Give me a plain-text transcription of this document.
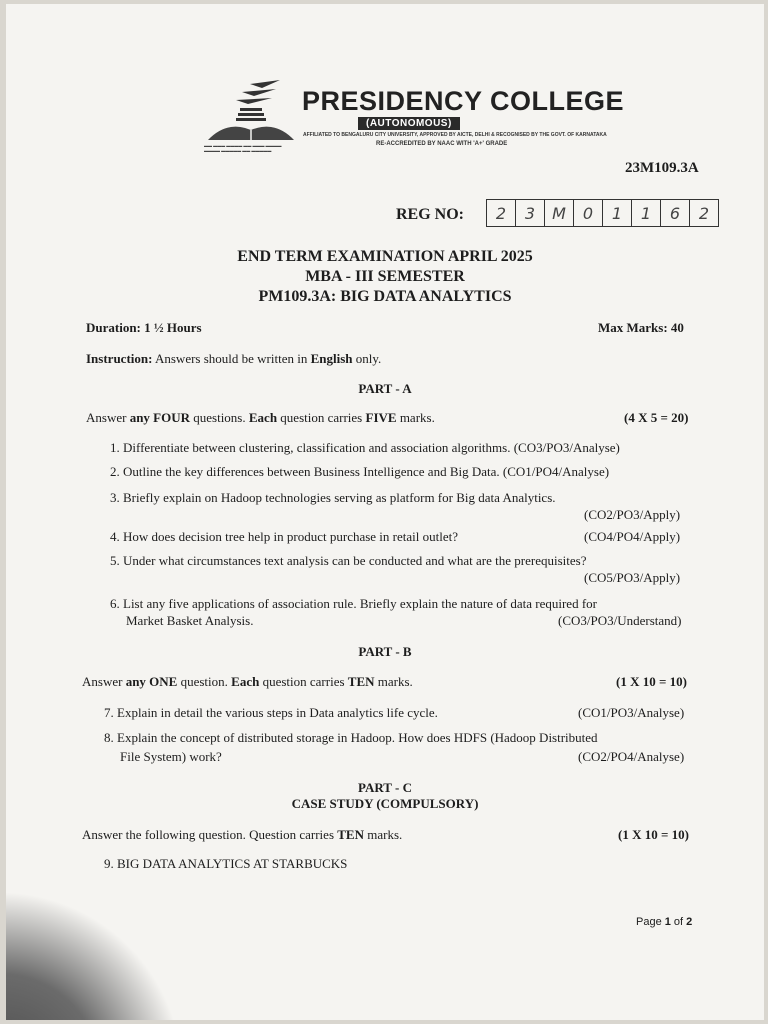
▬▬ ▬▬▬ ▬▬▬▬ ▬▬ ▬▬▬ ▬▬▬▬
▬▬▬▬ ▬▬▬▬▬ ▬▬ ▬▬▬▬▬
PRESIDENCY COLLEGE
(AUTONOMOUS)
AFFILIATED TO BENGALURU CITY UNIVERSITY, APPROVED BY AICTE, DELHI & RECOGNISED BY THE GOVT. OF KARNATAKA
RE-ACCREDITED BY NAAC WITH 'A+' GRADE
23M109.3A
REG NO:	2	3	M	0	1	1	6	2
END TERM EXAMINATION APRIL 2025
MBA - III SEMESTER
PM109.3A: BIG DATA ANALYTICS
Duration: 1 ½ Hours	Max Marks: 40
Instruction: Answers should be written in English only.
PART - A
Answer any FOUR questions. Each question carries FIVE marks.	(4 X 5 = 20)
1. Differentiate between clustering, classification and association algorithms. (CO3/PO3/Analyse)
2. Outline the key differences between Business Intelligence and Big Data. (CO1/PO4/Analyse)
3. Briefly explain on Hadoop technologies serving as platform for Big data Analytics.
(CO2/PO3/Apply)
4. How does decision tree help in product purchase in retail outlet?	(CO4/PO4/Apply)
5. Under what circumstances text analysis can be conducted and what are the prerequisites?
(CO5/PO3/Apply)
6. List any five applications of association rule. Briefly explain the nature of data required for
Market Basket Analysis.	(CO3/PO3/Understand)
PART - B
Answer any ONE question. Each question carries TEN marks.	(1 X 10 = 10)
7. Explain in detail the various steps in Data analytics life cycle.	(CO1/PO3/Analyse)
8. Explain the concept of distributed storage in Hadoop. How does HDFS (Hadoop Distributed
File System) work?	(CO2/PO4/Analyse)
PART - C
CASE STUDY (COMPULSORY)
Answer the following question. Question carries TEN marks.	(1 X 10 = 10)
9. BIG DATA ANALYTICS AT STARBUCKS
Page 1 of 2
